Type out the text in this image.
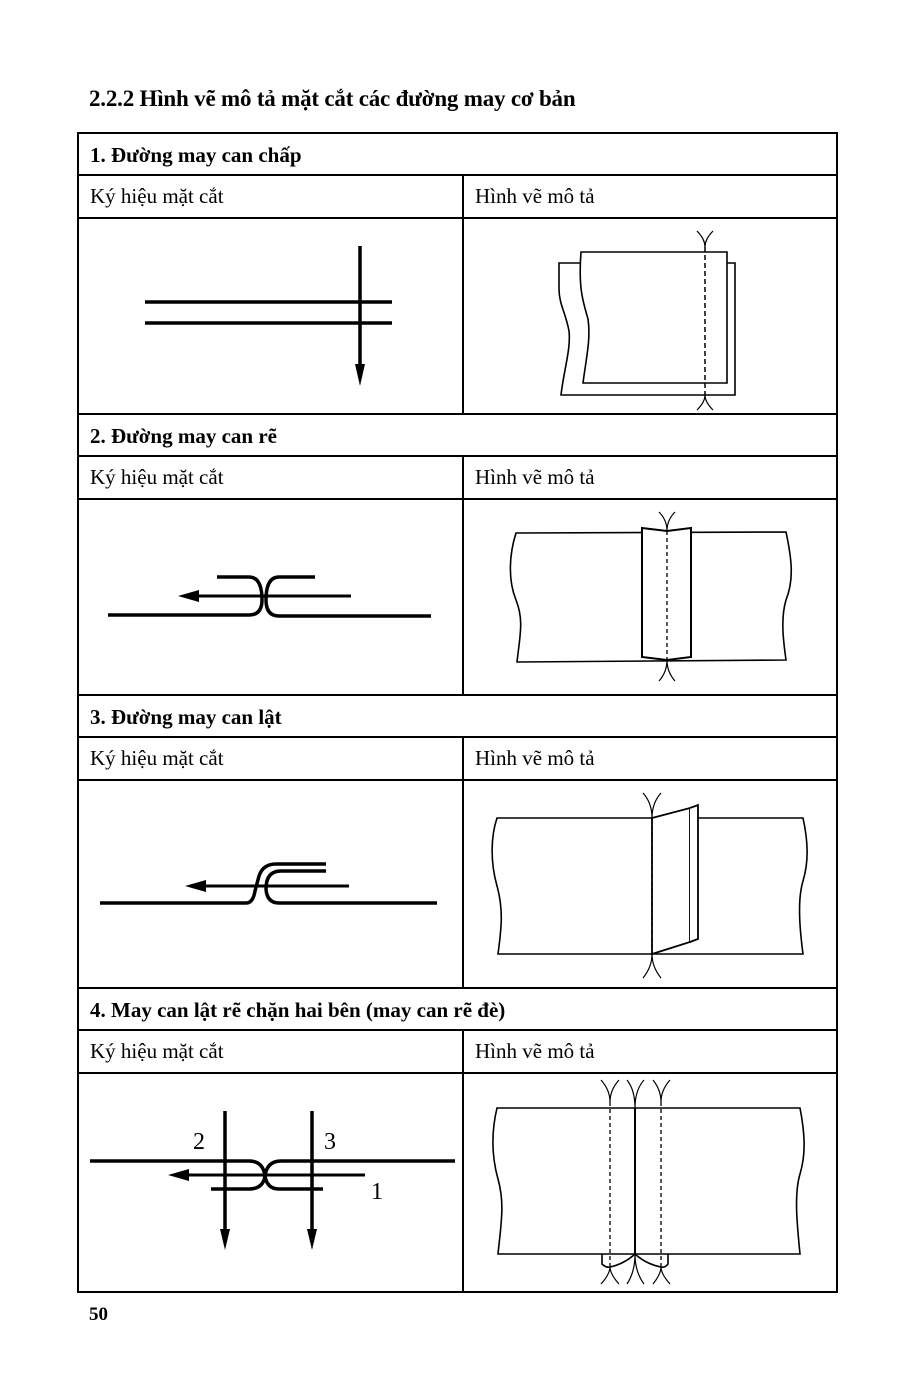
2.2.2 Hình vẽ mô tả mặt cắt các đường may cơ bản
1. Đường may can chấp
Ký hiệu mặt cắt	Hình vẽ mô tả
2. Đường may can rẽ
Ký hiệu mặt cắt	Hình vẽ mô tả
3. Đường may can lật
Ký hiệu mặt cắt	Hình vẽ mô tả
4. May can lật rẽ chặn hai bên (may can rẽ đè)
Ký hiệu mặt cắt	Hình vẽ mô tả
2	3
1
50
